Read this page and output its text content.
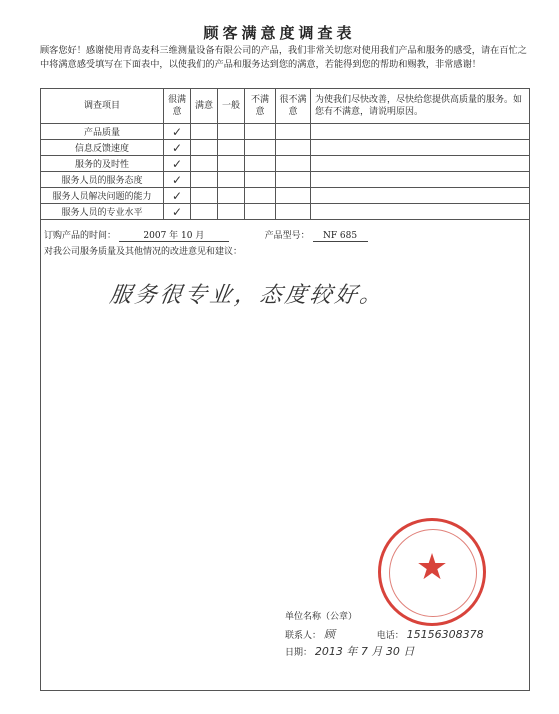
顾客满意度调查表
顾客您好！感谢使用青岛麦科三维测量设备有限公司的产品，我们非常关切您对使用我们产品和服务的感受，请在百忙之中将满意感受填写在下面表中，以使我们的产品和服务达到您的满意，若能得到您的帮助和赐教，非常感谢！
调查项目	很满意	满意	一般	不满意	很不满意	为使我们尽快改善，尽快给您提供高质量的服务。如您有不满意，请说明原因。
产品质量	✓					
信息反馈速度	✓					
服务的及时性	✓					
服务人员的服务态度	✓					
服务人员解决问题的能力	✓					
服务人员的专业水平	✓					
订购产品的时间：	2007 年 10 月	产品型号： NF 685
对我公司服务质量及其他情况的改进意见和建议：
服务很专业，态度较好。
★
单位名称（公章）
联系人： 顾	电话： 15156308378
日期： 2013 年 7 月 30 日
